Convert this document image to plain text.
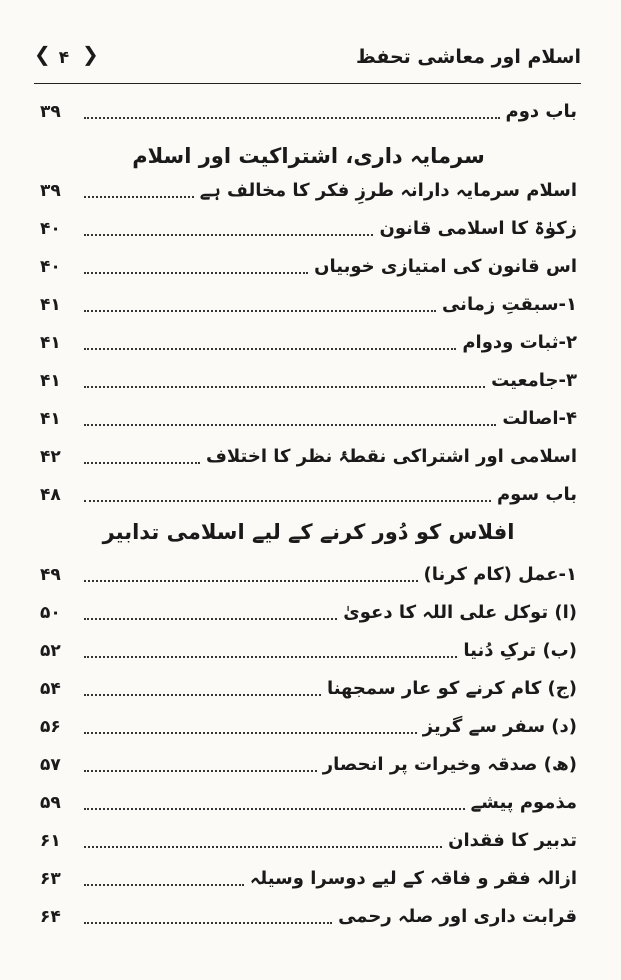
❮ ۴ ❯	اسلام اور معاشی تحفظ
باب دوم
۳۹
سرمایہ داری، اشتراکیت اور اسلام
اسلام سرمایہ دارانہ طرزِ فکر کا مخالف ہے
۳۹
زکوٰۃ کا اسلامی قانون
۴۰
اس قانون کی امتیازی خوبیاں
۴۰
۱-سبقتِ زمانی
۴۱
۲-ثبات ودوام
۴۱
۳-جامعیت
۴۱
۴-اصالت
۴۱
اسلامی اور اشتراکی نقطۂ نظر کا اختلاف
۴۲
باب سوم
۴۸
افلاس کو دُور کرنے کے لیے اسلامی تدابیر
۱-عمل (کام کرنا)
۴۹
(ا) توکل علی اللہ کا دعویٰ
۵۰
(ب) ترکِ دُنیا
۵۲
(ج) کام کرنے کو عار سمجھنا
۵۴
(د) سفر سے گریز
۵۶
(ھ) صدقہ وخیرات پر انحصار
۵۷
مذموم پیشے
۵۹
تدبیر کا فقدان
۶۱
ازالہ فقر و فاقہ کے لیے دوسرا وسیلہ
۶۳
قرابت داری اور صلہ رحمی
۶۴
